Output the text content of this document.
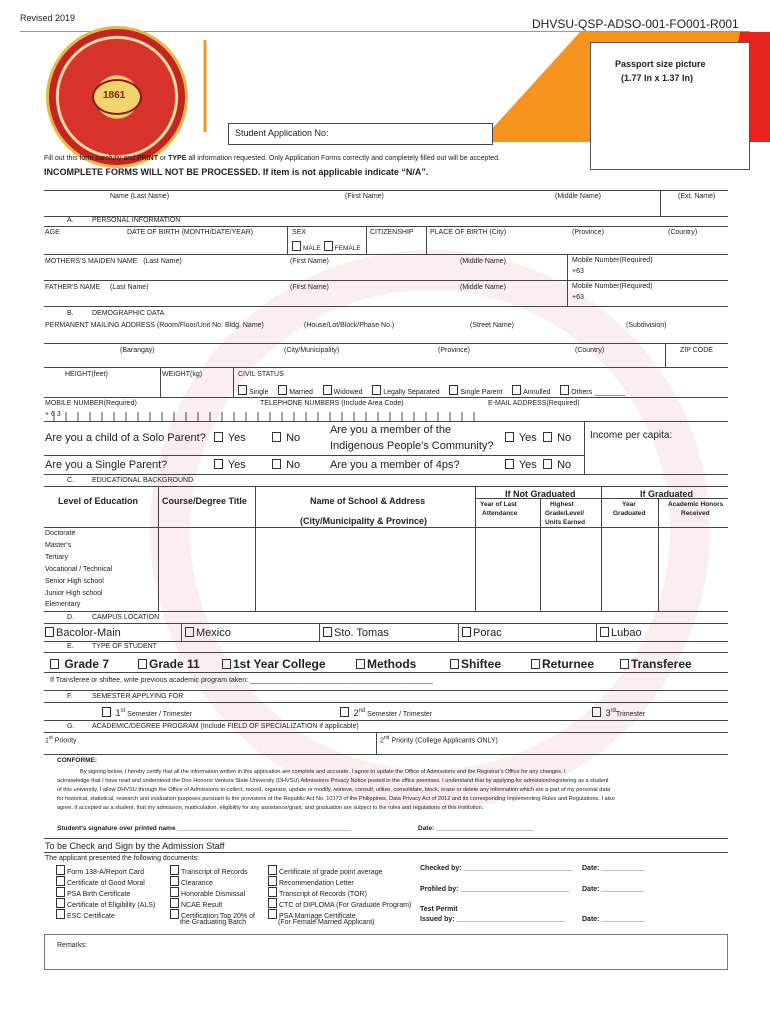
Revised 2019	DHVSU-QSP-ADSO-001-FO001-R001
1861	OFFICE OF ADMISSIONS
APPLICATION FORM
Student Application No:
Passport size picture
(1.77 In x 1.37 In)
Fill out this form carefully and PRINT or TYPE all information requested. Only Application Forms correctly and completely filled out will be accepted.
INCOMPLETE FORMS WILL NOT BE PROCESSED. If item is not applicable indicate “N/A”.
Name (Last Name)	(First Name)	(Middle Name)	(Ext. Name)
A.	PERSONAL INFORMATION
AGE	DATE OF BIRTH (MONTH/DATE/YEAR)	SEX
MALE FEMALE
CITIZENSHIP PLACE OF BIRTH (City)	(Province)	(Country)
MOTHERS'S MAIDEN NAME (Last Name)	(First Name)	(Middle Name)	Mobile Number(Required)
+63
FATHER'S NAME (Last Name)	(First Name)	(Middle Name)	Mobile Number(Required)
+63
B.	DEMOGRAPHIC DATA
PERMANENT MAILING ADDRESS (Room/Floor/Unit No. Bldg. Name)	(House/Lot/Block/Phase No.)	(Street Name)	(Subdivision)
(Barangay)	(City/Municipality)	(Province)	(Country)	ZIP CODE
HEIGHT(feet)	WEIGHT(kg)	CIVIL STATUS
Single	Married	Widowed	Legally Separated	Single Parent	Annulled	Others ________
MOBILE NUMBER(Required)
+ 6 3
TELEPHONE NUMBERS (Include Area Code)	E-MAIL ADDRESS(Required)
Are you a child of a Solo Parent?	Yes	No
Are you a member of the
Indigenous People's Community?
Yes	No
Are you a Single Parent?	Yes	No	Are you a member of 4ps?	Yes	No
Income per capita:
C.	EDUCATIONAL BACKGROUND
Level of Education	Course/Degree Title	Name of School & Address
(City/Municipality & Province)
If Not Graduated	If Graduated
Year of Last
Attendance
Highest
Grade/Level/
Units Earned
Year
Graduated
Academic Honors
Received
Doctorate
Master's
Tertiary
Vocational / Technical
Senior High school
Junior High school
Elementary
D.	CAMPUS LOCATION
Bacolor-Main	Mexico	Sto. Tomas	Porac	Lubao
E.	TYPE OF STUDENT
Grade 7	Grade 11	1st Year College	Methods	Shiftee	Returnee	Transferee
If Transferee or shiftee, write previous academic program taken: _______________________________________________
F.	SEMESTER APPLYING FOR
1st Semester / Trimester	2nd Semester / Trimester	3rdTrimester
G.	ACADEMIC/DEGREE PROGRAM (Include FIELD OF SPECIALIZATION if applicable)
1st Priority	2nd Priority (College Applicants ONLY)
CONFORME:
By signing below, I hereby certify that all the information written in this application are complete and accurate. I agree to update the Office of Admissions and the Registrar's Office for any changes. I
acknowledge that I have read and understood the Don Honorio Ventura State University (DHVSU) Admissions Privacy Notice posted in the office premises. I understand that by applying for admission/registering as a student
of this university, I allow DHVSU through the Office of Admissions to collect, record, organize, update or modify, retrieve, consult, utilize, consolidate, block, erase or delete any information which are a part of my personal data
for historical, statistical, research and evaluation purposes pursuant to the provisions of the Republic Act No. 10173 of the Philippines, Data Privacy Act of 2012 and its corresponding Implementing Rules and Regulations. I also
agree, if accepted as a student, that my admission, matriculation, eligibility for any assistance/grant, and graduation are subject to the rules and regulations of this institution.
Student's signature over printed name ________________________________________________	Date: ___________________________
To be Check and Sign by the Admission Staff
The applicant presented the following documents:
Form 138-A/Report Card
Certificate of Good Moral
PSA Birth Certificate
Certificate of Eligibility (ALS)
ESC Certificate
Transcript of Records
Clearance
Honorable Dismissal
NCAE Result
Certification:Top 20% of
the Graduating Batch
Certificate of grade point average
Recommendation Letter
Transcript of Records (TOR)
CTC of DIPLOMA (For Graduate Program)
PSA Marriage Certificate
(For Female Married Applicant)
Checked by: ____________________________ Date: ___________
Profiled by: ____________________________ Date: ___________
Test Permit
Issued by: ____________________________ Date: ___________
Remarks:
